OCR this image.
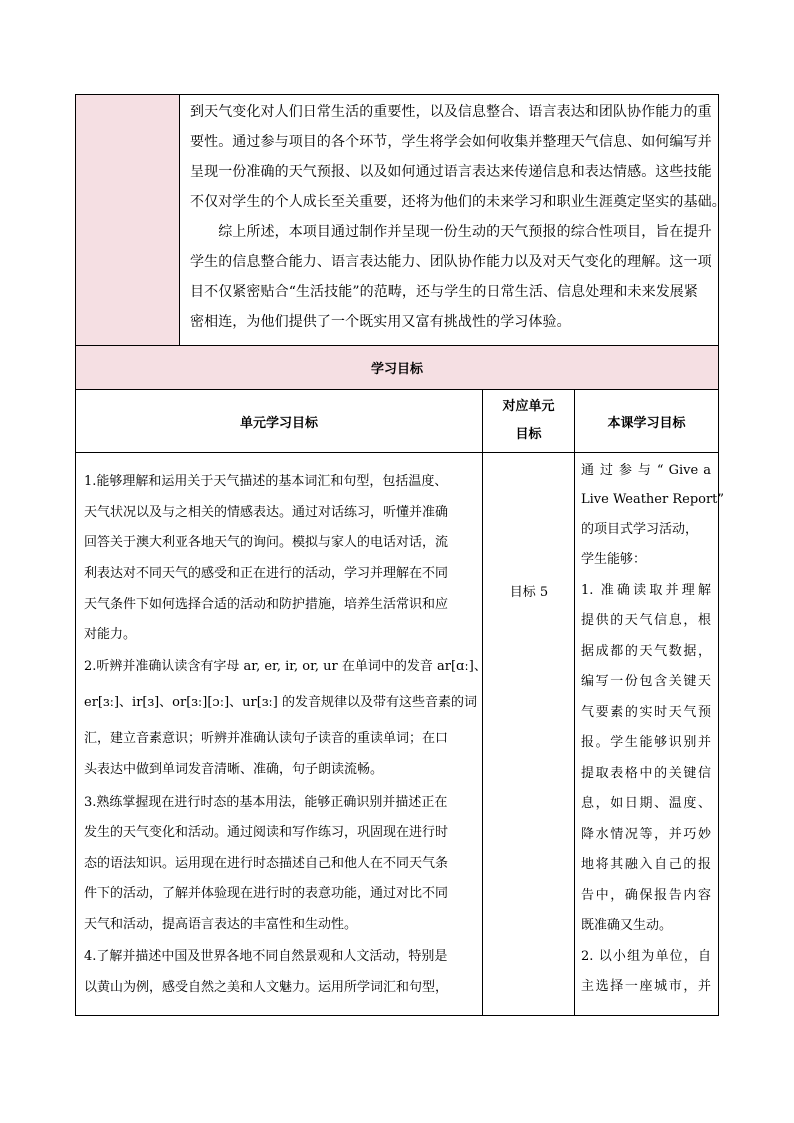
到天气变化对人们日常生活的重要性，以及信息整合、语言表达和团队协作能力的重
要性。通过参与项目的各个环节，学生将学会如何收集并整理天气信息、如何编写并
呈现一份准确的天气预报、以及如何通过语言表达来传递信息和表达情感。这些技能
不仅对学生的个人成长至关重要，还将为他们的未来学习和职业生涯奠定坚实的基础。
　　综上所述，本项目通过制作并呈现一份生动的天气预报的综合性项目，旨在提升
学生的信息整合能力、语言表达能力、团队协作能力以及对天气变化的理解。这一项
目不仅紧密贴合“生活技能”的范畴，还与学生的日常生活、信息处理和未来发展紧
密相连，为他们提供了一个既实用又富有挑战性的学习体验。
学习目标
单元学习目标
对应单元
目标
本课学习目标
1.能够理解和运用关于天气描述的基本词汇和句型，包括温度、
天气状况以及与之相关的情感表达。通过对话练习，听懂并准确
回答关于澳大利亚各地天气的询问。模拟与家人的电话对话，流
利表达对不同天气的感受和正在进行的活动，学习并理解在不同
天气条件下如何选择合适的活动和防护措施，培养生活常识和应
对能力。
2.听辨并准确认读含有字母 ar, er, ir, or, ur 在单词中的发音 ar[ɑː]、
er[ɜː]、ir[ɜ]、or[ɜː][ɔː]、ur[ɜː] 的发音规律以及带有这些音素的词
汇，建立音素意识；听辨并准确认读句子读音的重读单词；在口
头表达中做到单词发音清晰、准确，句子朗读流畅。
3.熟练掌握现在进行时态的基本用法，能够正确识别并描述正在
发生的天气变化和活动。通过阅读和写作练习，巩固现在进行时
态的语法知识。运用现在进行时态描述自己和他人在不同天气条
件下的活动，了解并体验现在进行时的表意功能，通过对比不同
天气和活动，提高语言表达的丰富性和生动性。
4.了解并描述中国及世界各地不同自然景观和人文活动，特别是
以黄山为例，感受自然之美和人文魅力。运用所学词汇和句型，
目标 5
通 过 参 与 “ Give a
Live Weather Report”
的项目式学习活动，
学生能够：
1. 准确读取并理解
提供的天气信息，根
据成都的天气数据，
编写一份包含关键天
气要素的实时天气预
报。学生能够识别并
提取表格中的关键信
息，如日期、温度、
降水情况等，并巧妙
地将其融入自己的报
告中，确保报告内容
既准确又生动。
2. 以小组为单位，自
主选择一座城市，并
